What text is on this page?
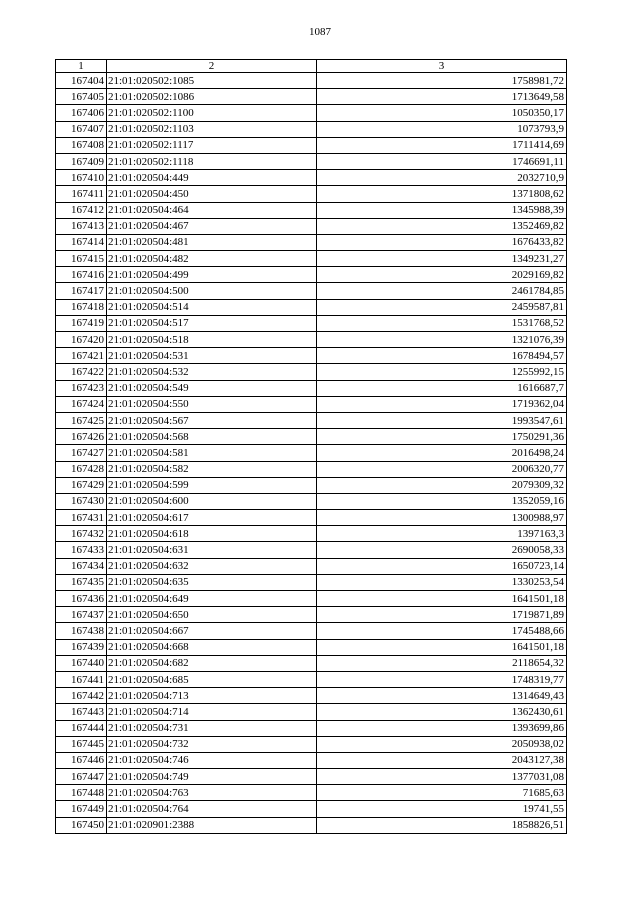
1087
1	2	3
167404	21:01:020502:1085	1758981,72
167405	21:01:020502:1086	1713649,58
167406	21:01:020502:1100	1050350,17
167407	21:01:020502:1103	1073793,9
167408	21:01:020502:1117	1711414,69
167409	21:01:020502:1118	1746691,11
167410	21:01:020504:449	2032710,9
167411	21:01:020504:450	1371808,62
167412	21:01:020504:464	1345988,39
167413	21:01:020504:467	1352469,82
167414	21:01:020504:481	1676433,82
167415	21:01:020504:482	1349231,27
167416	21:01:020504:499	2029169,82
167417	21:01:020504:500	2461784,85
167418	21:01:020504:514	2459587,81
167419	21:01:020504:517	1531768,52
167420	21:01:020504:518	1321076,39
167421	21:01:020504:531	1678494,57
167422	21:01:020504:532	1255992,15
167423	21:01:020504:549	1616687,7
167424	21:01:020504:550	1719362,04
167425	21:01:020504:567	1993547,61
167426	21:01:020504:568	1750291,36
167427	21:01:020504:581	2016498,24
167428	21:01:020504:582	2006320,77
167429	21:01:020504:599	2079309,32
167430	21:01:020504:600	1352059,16
167431	21:01:020504:617	1300988,97
167432	21:01:020504:618	1397163,3
167433	21:01:020504:631	2690058,33
167434	21:01:020504:632	1650723,14
167435	21:01:020504:635	1330253,54
167436	21:01:020504:649	1641501,18
167437	21:01:020504:650	1719871,89
167438	21:01:020504:667	1745488,66
167439	21:01:020504:668	1641501,18
167440	21:01:020504:682	2118654,32
167441	21:01:020504:685	1748319,77
167442	21:01:020504:713	1314649,43
167443	21:01:020504:714	1362430,61
167444	21:01:020504:731	1393699,86
167445	21:01:020504:732	2050938,02
167446	21:01:020504:746	2043127,38
167447	21:01:020504:749	1377031,08
167448	21:01:020504:763	71685,63
167449	21:01:020504:764	19741,55
167450	21:01:020901:2388	1858826,51
